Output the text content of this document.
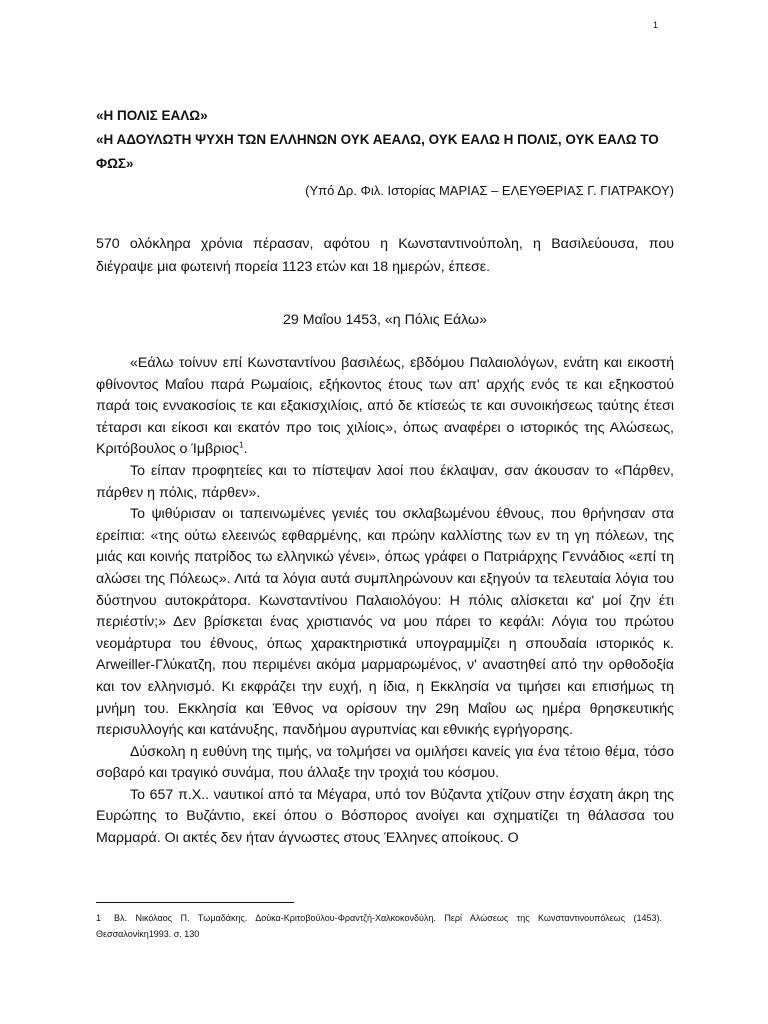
1
«Η ΠΟΛΙΣ ΕΑΛΩ»
«Η ΑΔΟΥΛΩΤΗ ΨΥΧΗ ΤΩΝ ΕΛΛΗΝΩΝ ΟΥΚ ΑΕΑΛΩ, ΟΥΚ ΕΑΛΩ Η ΠΟΛΙΣ, ΟΥΚ ΕΑΛΩ ΤΟ ΦΩΣ»
(Υπό Δρ. Φιλ. Ιστορίας ΜΑΡΙΑΣ – ΕΛΕΥΘΕΡΙΑΣ Γ. ΓΙΑΤΡΑΚΟΥ)
570 ολόκληρα χρόνια πέρασαν, αφότου η Κωνσταντινούπολη, η Βασιλεύουσα, που διέγραψε μια φωτεινή πορεία 1123 ετών και 18 ημερών, έπεσε.
29 Μαΐου 1453, «η Πόλις Εάλω»

«Εάλω τοίνυν επί Κωνσταντίνου βασιλέως, εβδόμου Παλαιολόγων, ενάτη και εικοστή φθίνοντος Μαΐου παρά Ρωμαίοις, εξήκοντος έτους των απ' αρχής ενός τε και εξηκοστού παρά τοις εννακοσίοις τε και εξακισχιλίοις, από δε κτίσεώς τε και συνοικήσεως ταύτης έτεσι τέταρσι και είκοσι και εκατόν προ τοις χιλίοις», όπως αναφέρει ο ιστορικός της Αλώσεως, Κριτόβουλος ο Ίμβριος$^1$.

Το είπαν προφητείες και το πίστεψαν λαοί που έκλαψαν, σαν άκουσαν το «Πάρθεν, πάρθεν η πόλις, πάρθεν».

Το ψιθύρισαν οι ταπεινωμένες γενιές του σκλαβωμένου έθνους, που θρήνησαν στα ερείπια: «της ούτω ελεεινώς εφθαρμένης, και πρώην καλλίστης των εν τη γη πόλεων, της μιάς και κοινής πατρίδος τω ελληνικώ γένει», όπως γράφει ο Πατριάρχης Γεννάδιος «επί τη αλώσει της Πόλεως». Λιτά τα λόγια αυτά συμπληρώνουν και εξηγούν τα τελευταία λόγια του δύστηνου αυτοκράτορα. Κωνσταντίνου Παλαιολόγου: Η πόλις αλίσκεται κα' μοί ζην έτι περιέστίν;» Δεν βρίσκεται ένας χριστιανός να μου πάρει το κεφάλι: Λόγια του πρώτου νεομάρτυρα του έθνους, όπως χαρακτηριστικά υπογραμμίζει η σπουδαία ιστορικός κ. Arweiller-Γλύκατζη, που περιμένει ακόμα μαρμαρωμένος, ν' αναστηθεί από την ορθοδοξία και τον ελληνισμό. Κι εκφράζει την ευχή, η ίδια, η Εκκλησία να τιμήσει και επισήμως τη μνήμη του. Εκκλησία και Έθνος να ορίσουν την 29η Μαΐου ως ημέρα θρησκευτικής περισυλλογής και κατάνυξης, πανδήμου αγρυπνίας και εθνικής εγρήγορσης.

Δύσκολη η ευθύνη της τιμής, να τολμήσει να ομιλήσει κανείς για ένα τέτοιο θέμα, τόσο σοβαρό και τραγικό συνάμα, που άλλαξε την τροχιά του κόσμου.

Το 657 π.Χ.. ναυτικοί από τα Μέγαρα, υπό τον Βύζαντα χτίζουν στην έσχατη άκρη της Ευρώπης το Βυζάντιο, εκεί όπου ο Βόσπορος ανοίγει και σχηματίζει τη θάλασσα του Μαρμαρά. Οι ακτές δεν ήταν άγνωστες στους Έλληνες αποίκους. Ο

1 Βλ. Νικόλαος Π. Τωμαδάκης. Δούκα-Κριτοβούλου-Φραντζή-Χαλκοκονδύλη. Περί Αλώσεως της Κωνσταντινουπόλεως (1453). Θεσσαλονίκη1993. σ. 130
